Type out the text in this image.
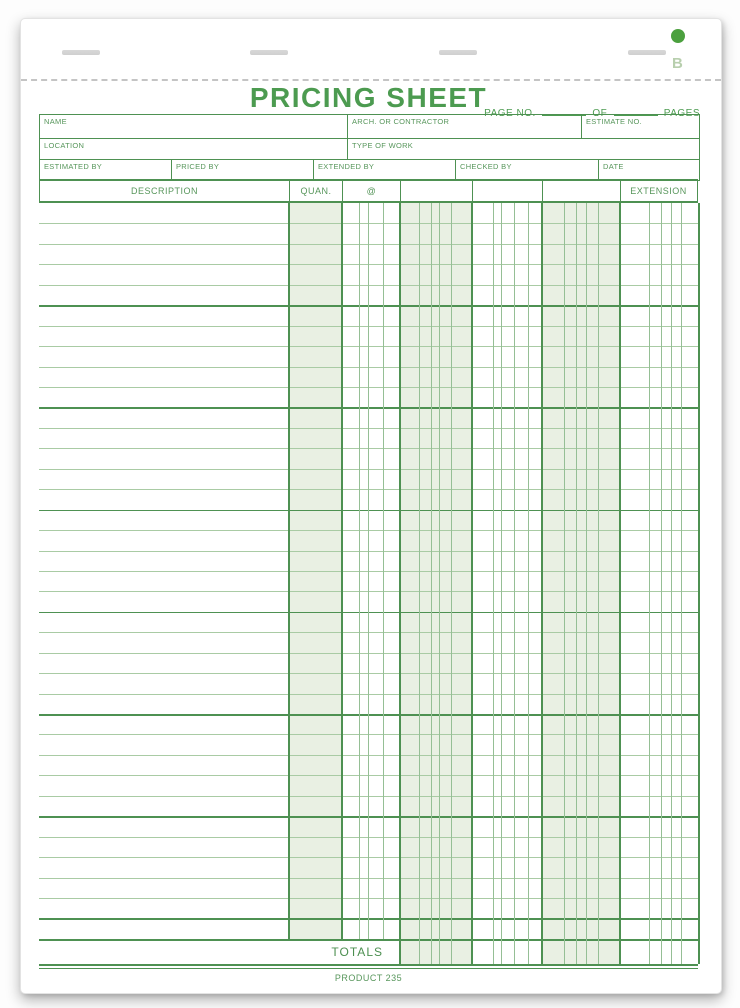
B
PRICING SHEET
PAGE NO.	OF	PAGES
NAME	ARCH. OR CONTRACTOR	ESTIMATE NO.
LOCATION	TYPE OF WORK
ESTIMATED BY	PRICED BY	EXTENDED BY	CHECKED BY	DATE
DESCRIPTION	QUAN.	@	EXTENSION
TOTALS
PRODUCT 235
